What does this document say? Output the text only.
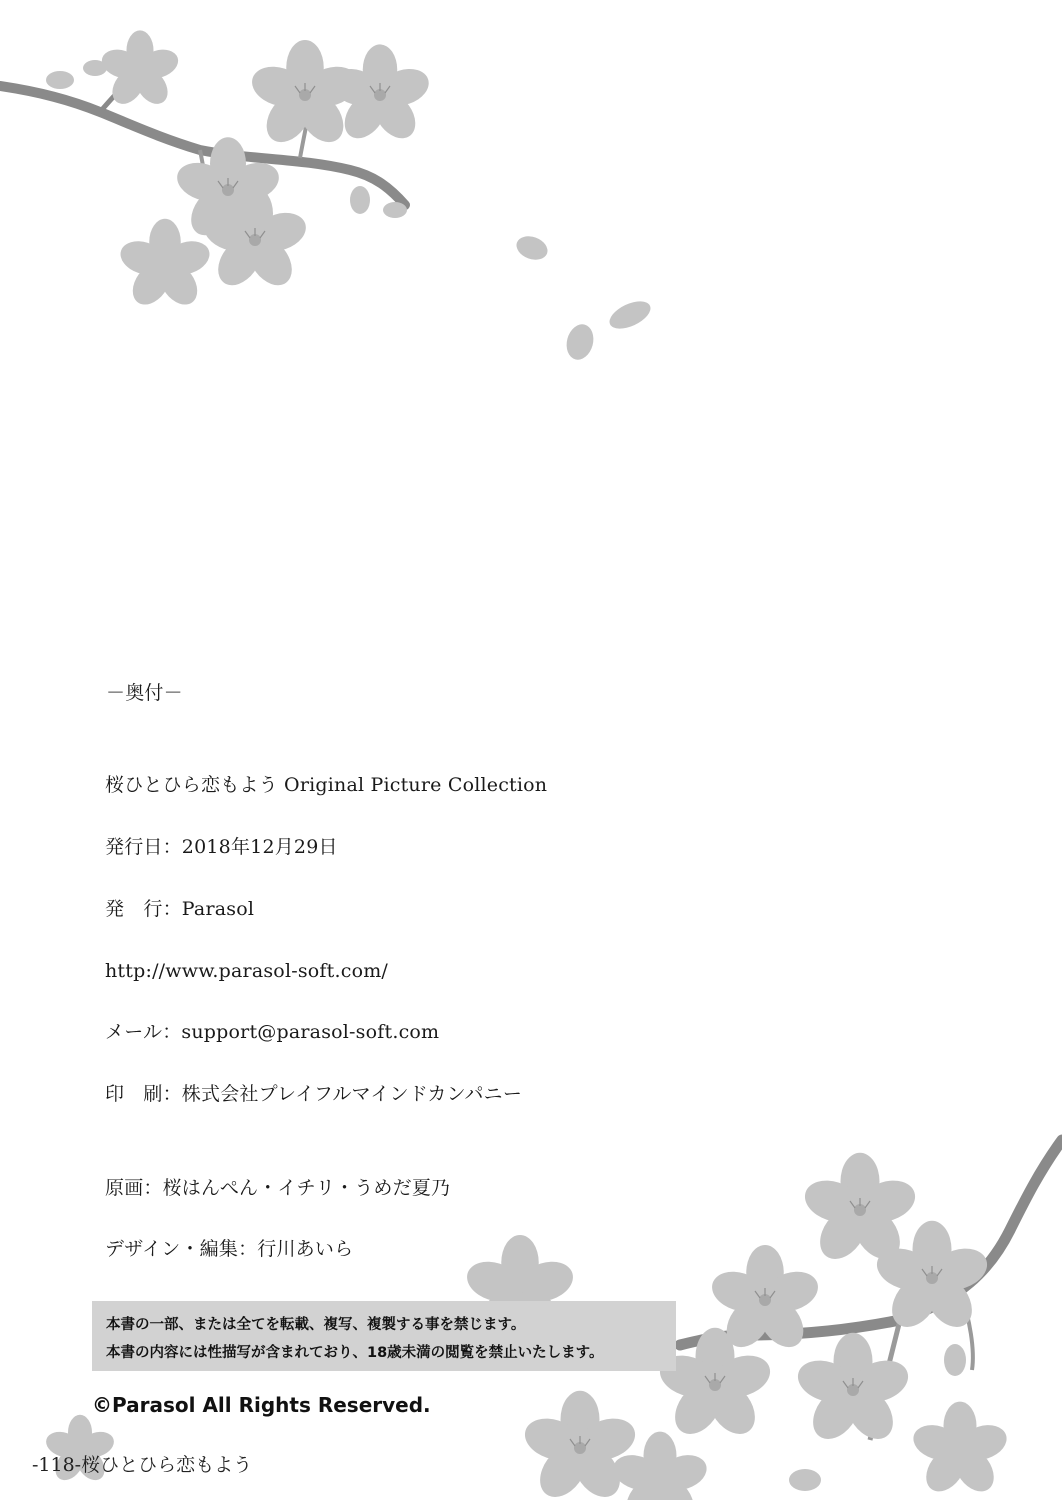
－奥付－
桜ひとひら恋もよう Original Picture Collection
発行日：2018年12月29日
発　行：Parasol
http://www.parasol-soft.com/
メール：support@parasol-soft.com
印　刷：株式会社プレイフルマインドカンパニー
原画：桜はんぺん・イチリ・うめだ夏乃
デザイン・編集：行川あいら
本書の一部、または全てを転載、複写、複製する事を禁じます。
本書の内容には性描写が含まれており、18歳未満の閲覧を禁止いたします。
©Parasol All Rights Reserved.
-118-桜ひとひら恋もよう
